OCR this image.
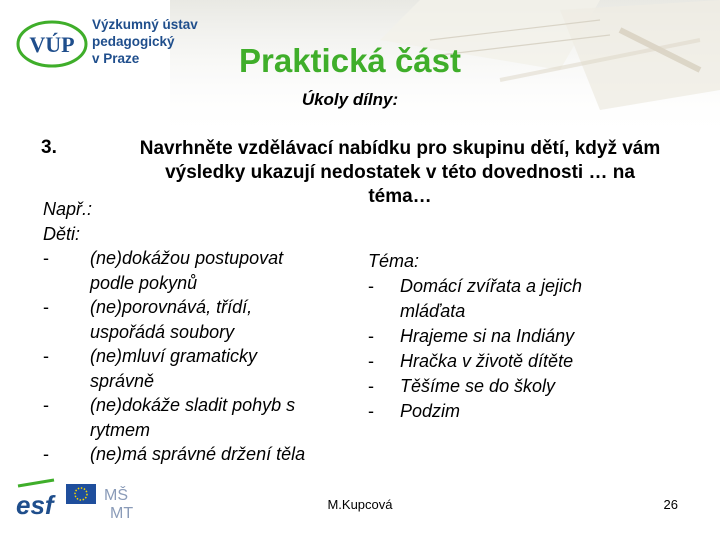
VÚP
Výzkumný ústav
pedagogický
v Praze	Praktická část
Úkoly dílny:
3.	Navrhněte vzdělávací nabídku pro skupinu dětí, když vám
výsledky ukazují nedostatek v této dovednosti … na
téma…
Např.:
Děti:
- (ne)dokážou postupovat
podle pokynů
- (ne)porovnává, třídí,
uspořádá soubory
- (ne)mluví gramaticky
správně
- (ne)dokáže sladit pohyb s
rytmem
- (ne)má správné držení těla
Téma:
- Domácí zvířata a jejich
mláďata
- Hrajeme si na Indiány
- Hračka v životě dítěte
- Těšíme se do školy
- Podzim
esf	MŠ
MT
M.Kupcová	26
